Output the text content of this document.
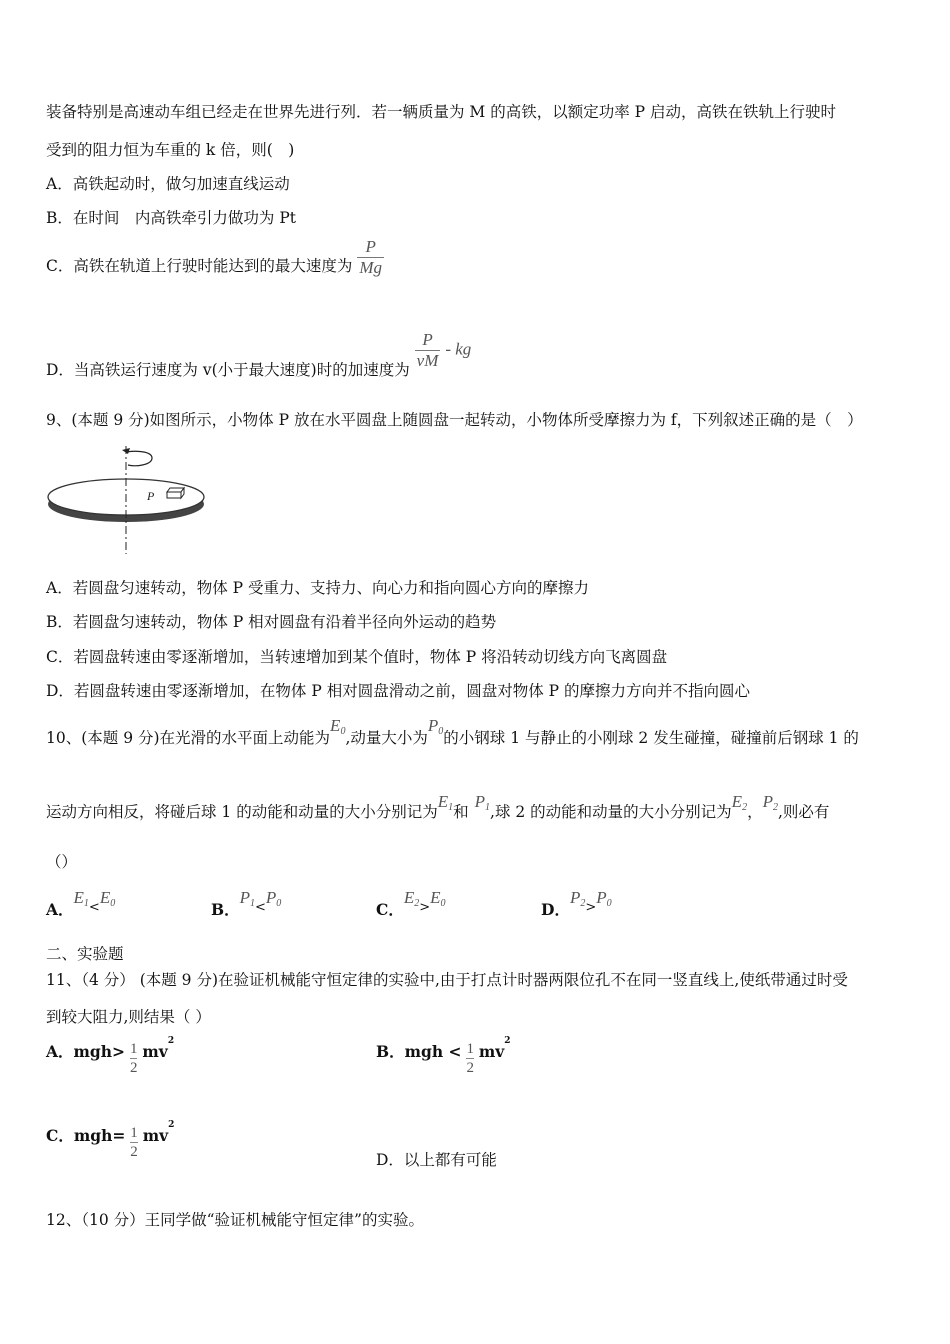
装备特别是高速动车组已经走在世界先进行列．若一辆质量为 M 的高铁，以额定功率 P 启动，高铁在铁轨上行驶时
受到的阻力恒为车重的 k 倍，则(　)
A．高铁起动时，做匀加速直线运动
B．在时间　内高铁牵引力做功为 Pt
C．高铁在轨道上行驶时能达到的最大速度为 $\frac{P}{Mg}$
D．当高铁运行速度为 v(小于最大速度)时的加速度为 $\frac{P}{vM}$ - kg
9、(本题 9 分)如图所示，小物体 P 放在水平圆盘上随圆盘一起转动，小物体所受摩擦力为 f，下列叙述正确的是（　）
P
A．若圆盘匀速转动，物体 P 受重力、支持力、向心力和指向圆心方向的摩擦力
B．若圆盘匀速转动，物体 P 相对圆盘有沿着半径向外运动的趋势
C．若圆盘转速由零逐渐增加，当转速增加到某个值时，物体 P 将沿转动切线方向飞离圆盘
D．若圆盘转速由零逐渐增加，在物体 P 相对圆盘滑动之前，圆盘对物体 P 的摩擦力方向并不指向圆心
10、(本题 9 分)在光滑的水平面上动能为$E_0$,动量大小为$P_0$的小钢球 1 与静止的小刚球 2 发生碰撞，碰撞前后钢球 1 的
运动方向相反，将碰后球 1 的动能和动量的大小分别记为$E_1$和$P_1$,球 2 的动能和动量的大小分别记为$E_2$，$P_2$,则必有
（）
A．$E_{1<}E_0$	B．$P_{1<}P_0$	C．$E_{2>}E_0$	D．$P_{2>}P_0$
二、实验题
11、（4 分） (本题 9 分)在验证机械能守恒定律的实验中,由于打点计时器两限位孔不在同一竖直线上,使纸带通过时受
到较大阻力,则结果（ ）
A．$mgh> \frac{1}{2} mv^2$
B．mgh < $\frac{1}{2} mv^2$
C．$mgh= \frac{1}{2} mv^2$
D．以上都有可能
12、（10 分）王同学做“验证机械能守恒定律”的实验。
